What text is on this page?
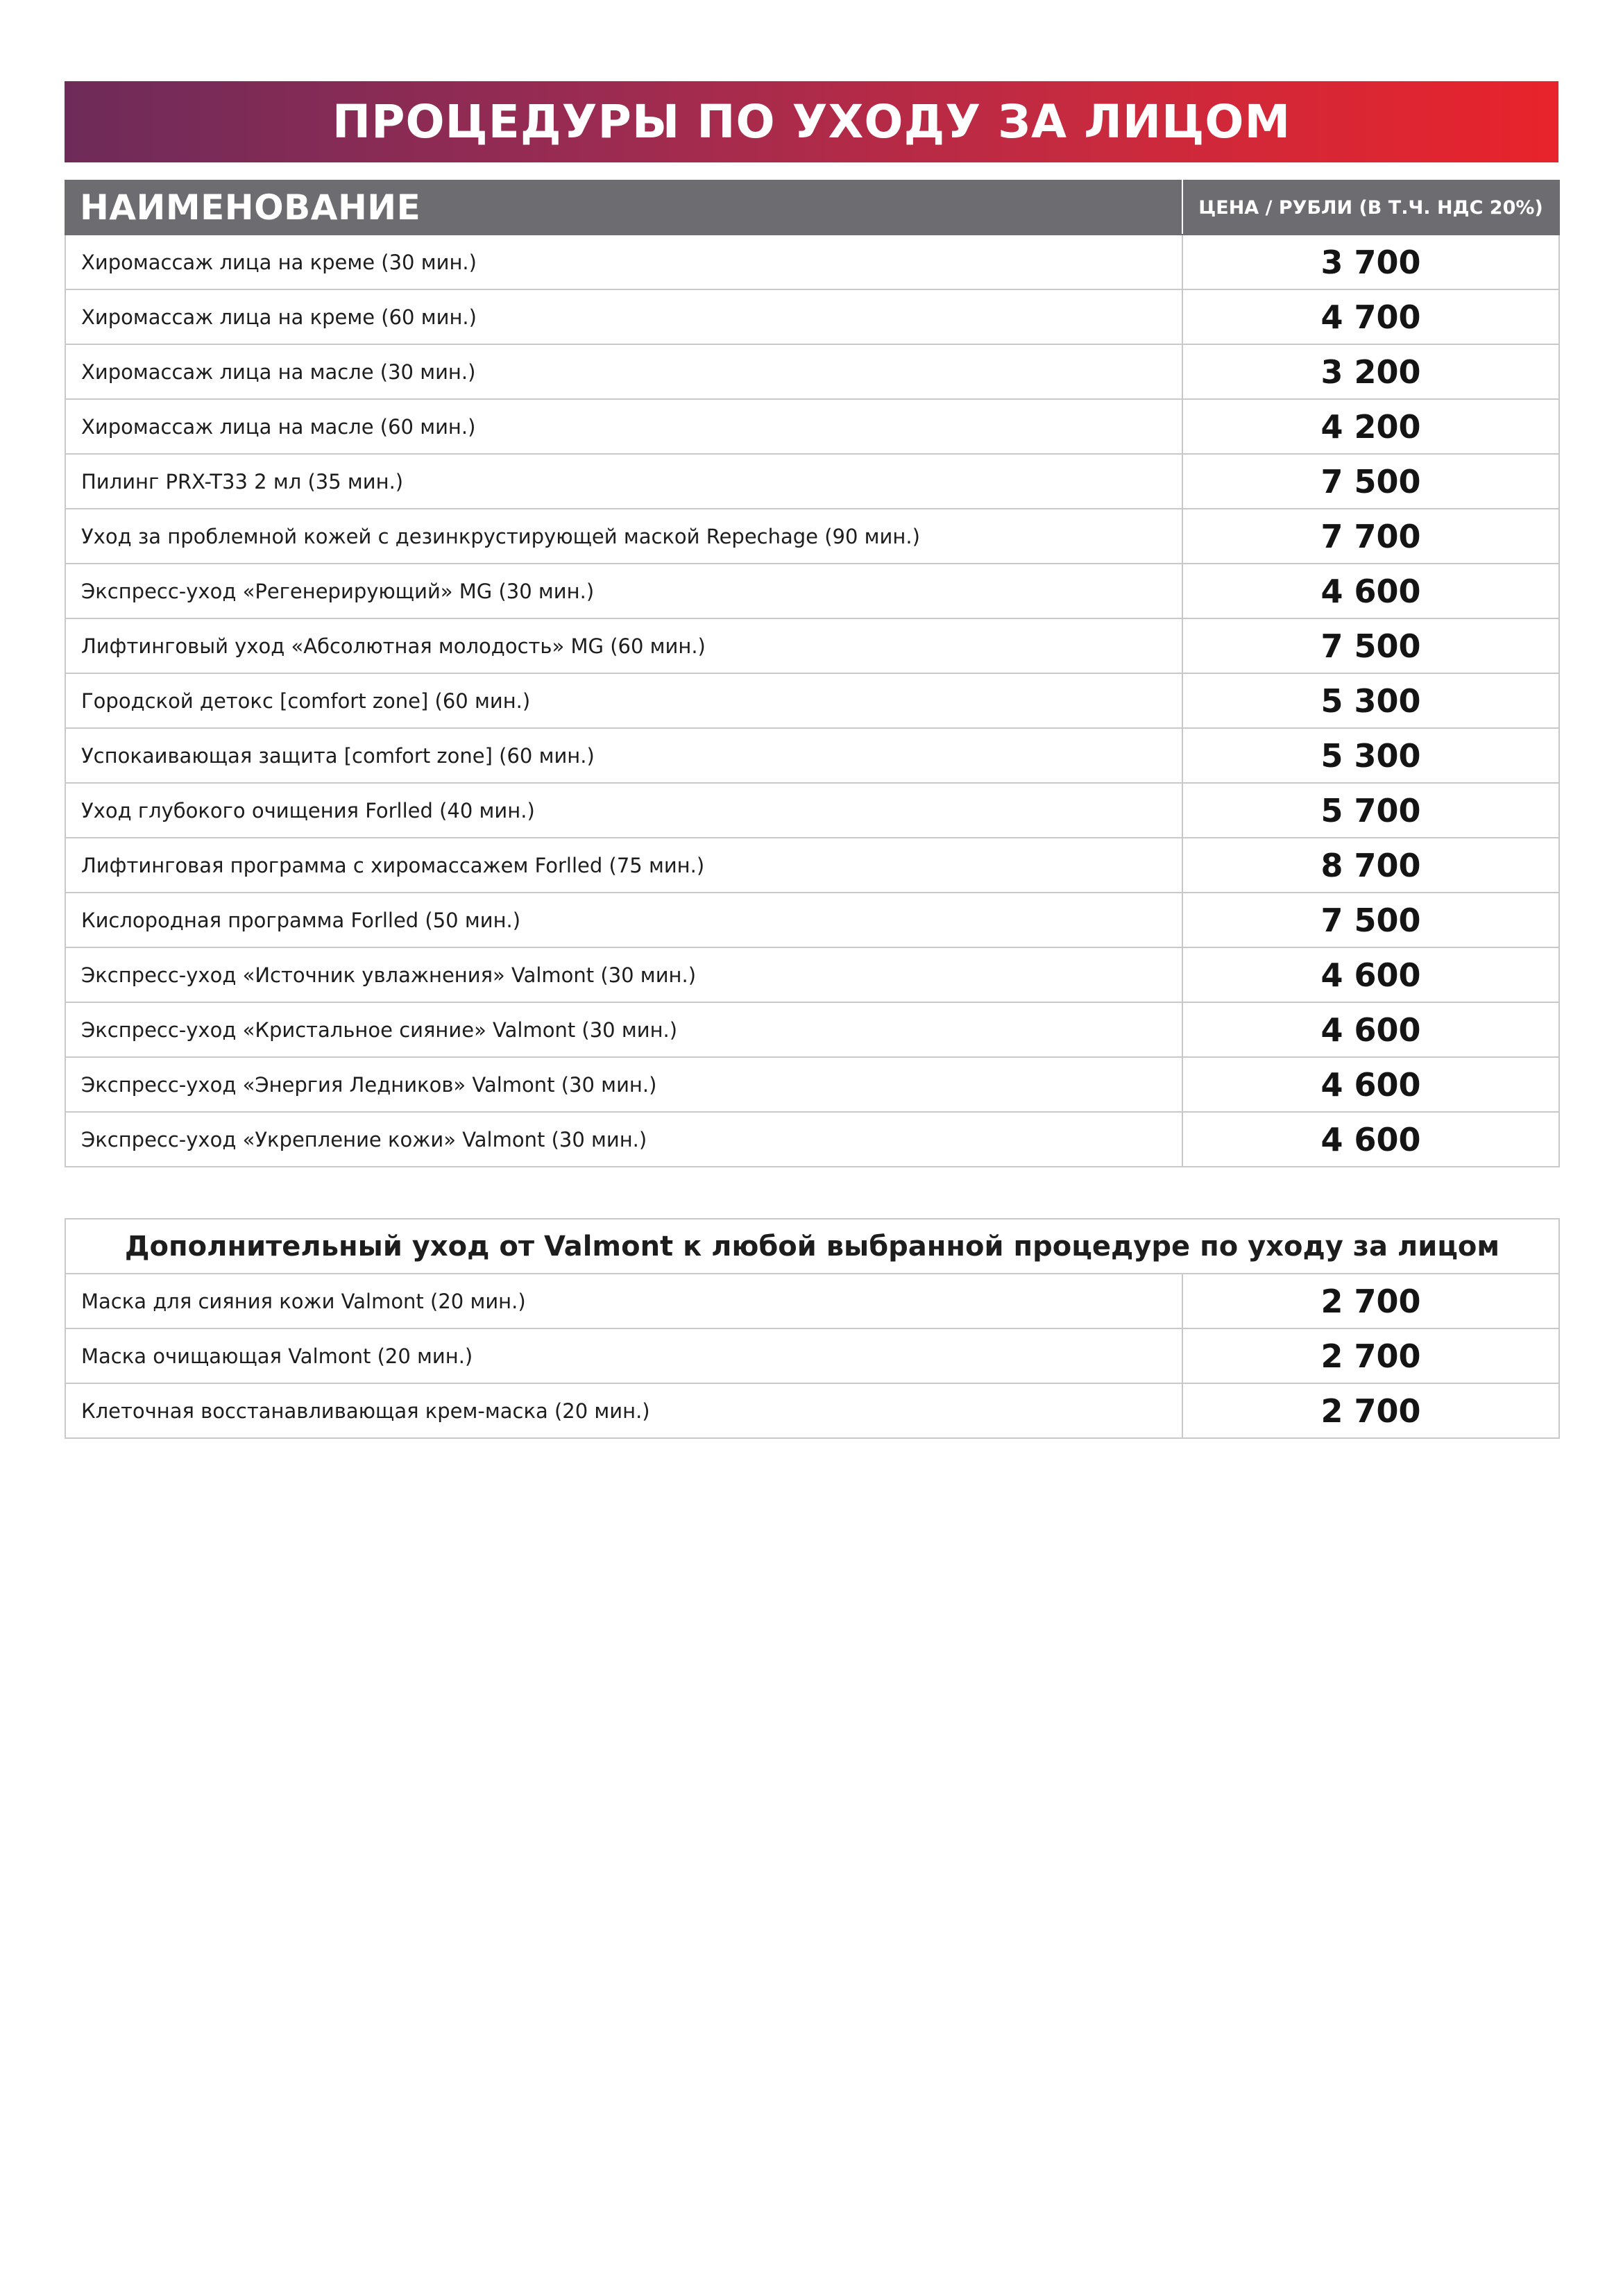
ПРОЦЕДУРЫ ПО УХОДУ ЗА ЛИЦОМ
НАИМЕНОВАНИЕ	ЦЕНА / РУБЛИ (В Т.Ч. НДС 20%)
Хиромассаж лица на креме (30 мин.)	3 700
Хиромассаж лица на креме (60 мин.)	4 700
Хиромассаж лица на масле (30 мин.)	3 200
Хиромассаж лица на масле (60 мин.)	4 200
Пилинг PRX-T33 2 мл (35 мин.)	7 500
Уход за проблемной кожей с дезинкрустирующей маской Repechage (90 мин.)	7 700
Экспресс-уход «Регенерирующий» MG (30 мин.)	4 600
Лифтинговый уход «Абсолютная молодость» MG (60 мин.)	7 500
Городской детокс [comfort zone] (60 мин.)	5 300
Успокаивающая защита [comfort zone] (60 мин.)	5 300
Уход глубокого очищения Forlled (40 мин.)	5 700
Лифтинговая программа с хиромассажем Forlled (75 мин.)	8 700
Кислородная программа Forlled (50 мин.)	7 500
Экспресс-уход «Источник увлажнения» Valmont (30 мин.)	4 600
Экспресс-уход «Кристальное сияние» Valmont (30 мин.)	4 600
Экспресс-уход «Энергия Ледников» Valmont (30 мин.)	4 600
Экспресс-уход «Укрепление кожи» Valmont (30 мин.)	4 600
Дополнительный уход от Valmont к любой выбранной процедуре по уходу за лицом	
Маска для сияния кожи Valmont (20 мин.)	2 700
Маска очищающая Valmont (20 мин.)	2 700
Клеточная восстанавливающая крем-маска (20 мин.)	2 700
